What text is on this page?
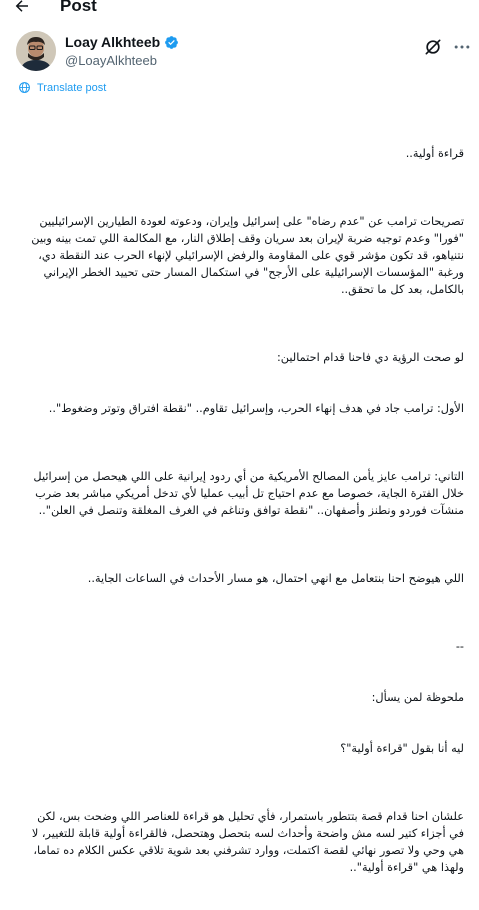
Post
Loay Alkhteeb
@LoayAlkhteeb
Translate post

قراءة أولية..

تصريحات ترامب عن "عدم رضاه" على إسرائيل وإيران، ودعوته لعودة الطيارين الإسرائيليين "فورا" وعدم توجيه ضربة لإيران بعد سريان وقف إطلاق النار، مع المكالمة اللي تمت بينه وبين نتنياهو، قد تكون مؤشر قوي على المقاومة والرفض الإسرائيلي لإنهاء الحرب عند النقطة دي، ورغبة "المؤسسات الإسرائيلية على الأرجح" في استكمال المسار حتى تحييد الخطر الإيراني بالكامل، بعد كل ما تحقق..

لو صحت الرؤية دي فاحنا قدام احتمالين:

الأول: ترامب جاد في هدف إنهاء الحرب، وإسرائيل تقاوم.. "نقطة افتراق وتوتر وضغوط"..

التاني: ترامب عايز يأمن المصالح الأمريكية من أي ردود إيرانية على اللي هيحصل من إسرائيل خلال الفترة الجاية، خصوصا مع عدم احتياج تل أبيب عمليا لأي تدخل أمريكي مباشر بعد ضرب منشآت فوردو ونطنز وأصفهان.. "نقطة توافق وتناغم في الغرف المغلقة وتنصل في العلن"..

اللي هيوضح احنا بنتعامل مع انهي احتمال، هو مسار الأحداث في الساعات الجاية..

--

ملحوظة لمن يسأل:

ليه أنا بقول "قراءة أولية"؟

علشان احنا قدام قصة بتتطور باستمرار، فأي تحليل هو قراءة للعناصر اللي وضحت بس، لكن في أجزاء كتير لسه مش واضحة وأحداث لسه بتحصل وهتحصل، فالقراءة أولية قابلة للتغيير، لا هي وحي ولا تصور نهائي لقصة اكتملت، ووارد تشرفني بعد شوية تلاقي عكس الكلام ده تماما، ولهذا هي "قراءة أولية"..
